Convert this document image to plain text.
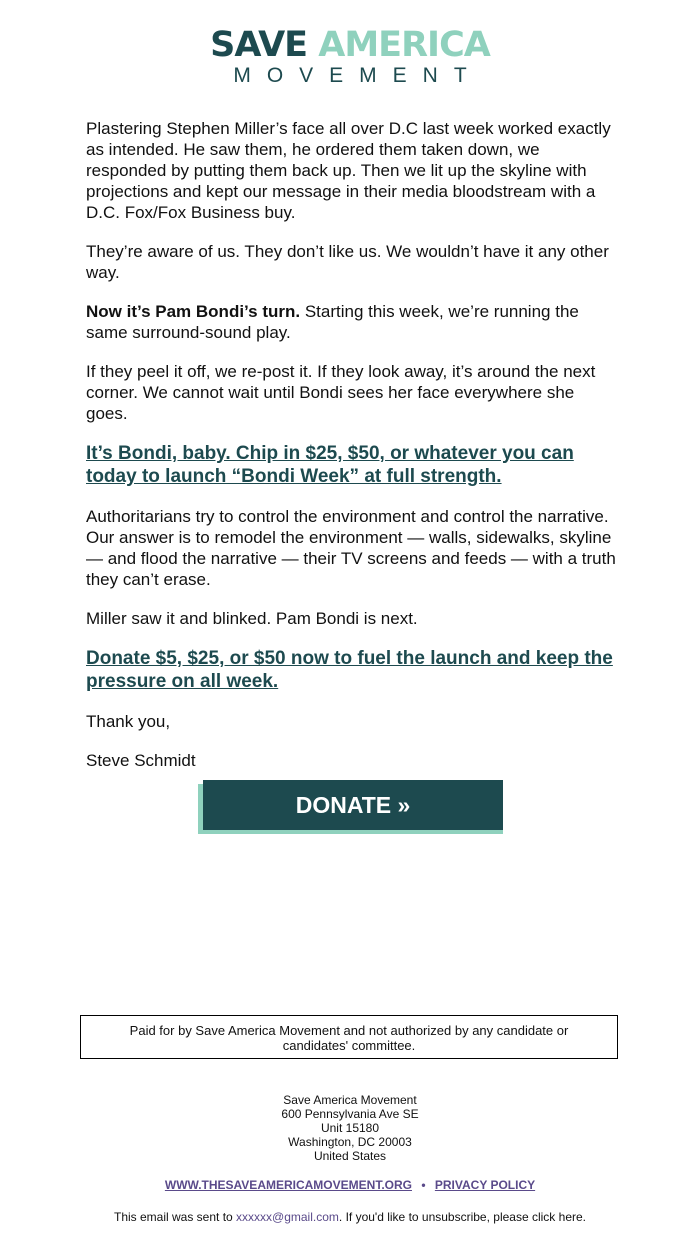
SAVE AMERICA
MOVEMENT

Plastering Stephen Miller’s face all over D.C last week worked exactly as intended. He saw them, he ordered them taken down, we responded by putting them back up. Then we lit up the skyline with projections and kept our message in their media bloodstream with a D.C. Fox/Fox Business buy.

They’re aware of us. They don’t like us. We wouldn’t have it any other way.

Now it’s Pam Bondi’s turn. Starting this week, we’re running the same surround-sound play.

If they peel it off, we re-post it. If they look away, it’s around the next corner. We cannot wait until Bondi sees her face everywhere she goes.

It’s Bondi, baby. Chip in $25, $50, or whatever you can today to launch “Bondi Week” at full strength.

Authoritarians try to control the environment and control the narrative. Our answer is to remodel the environment — walls, sidewalks, skyline — and flood the narrative — their TV screens and feeds — with a truth they can’t erase.

Miller saw it and blinked. Pam Bondi is next.

Donate $5, $25, or $50 now to fuel the launch and keep the pressure on all week.

Thank you,

Steve Schmidt

DONATE »
Paid for by Save America Movement and not authorized by any candidate or candidates' committee.
Save America Movement
600 Pennsylvania Ave SE
Unit 15180
Washington, DC 20003
United States
WWW.THESAVEAMERICAMOVEMENT.ORG • PRIVACY POLICY
This email was sent to xxxxxx@gmail.com. If you'd like to unsubscribe, please click here.
